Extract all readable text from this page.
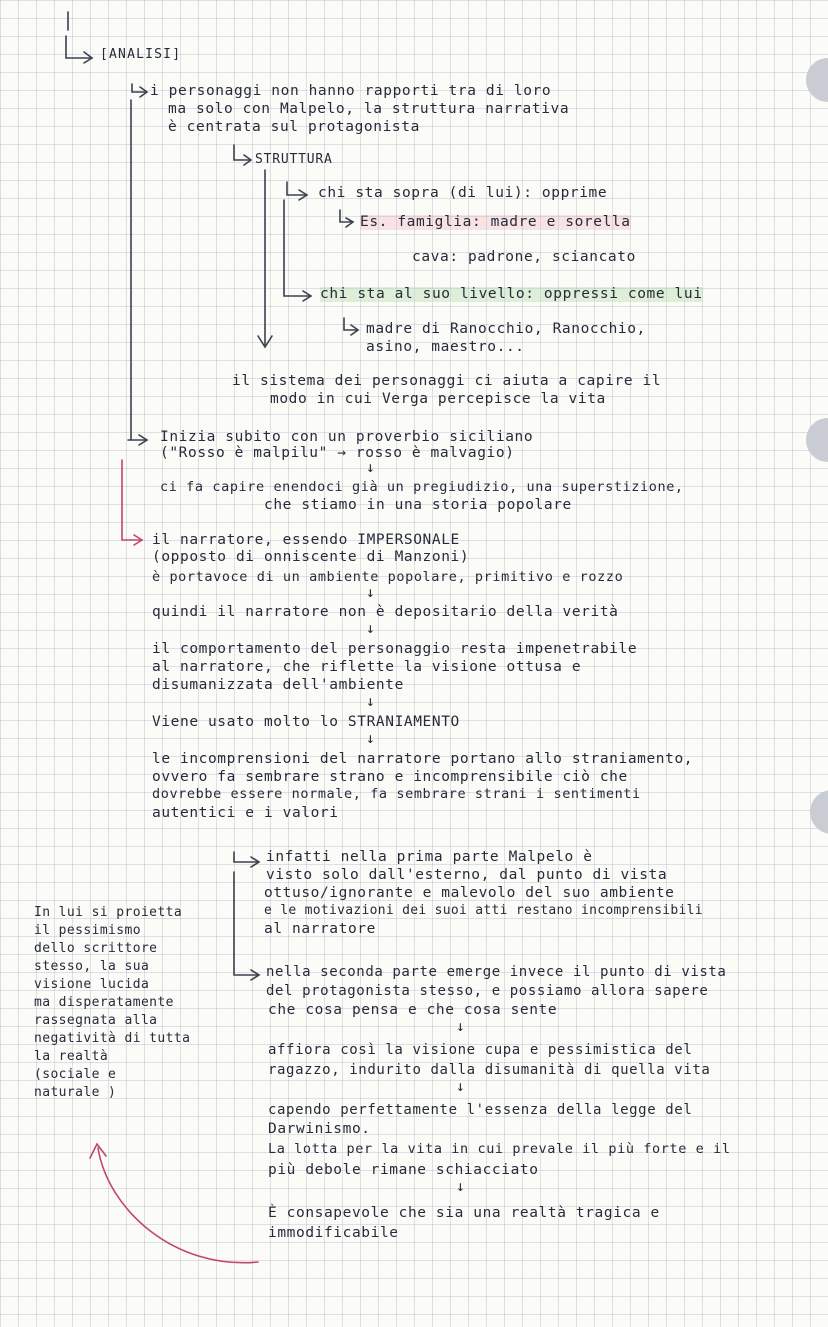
[ANALISI]
i personaggi non hanno rapporti tra di loro
ma solo con Malpelo, la struttura narrativa
è centrata sul protagonista
STRUTTURA
chi sta sopra (di lui): opprime
Es. famiglia: madre e sorella
cava: padrone, sciancato
chi sta al suo livello: oppressi come lui
madre di Ranocchio, Ranocchio,
asino, maestro...
il sistema dei personaggi ci aiuta a capire il
modo in cui Verga percepisce la vita
Inizia subito con un proverbio siciliano
("Rosso è malpilu" → rosso è malvagio)
↓
ci fa capire enendoci già un pregiudizio, una superstizione,
che stiamo in una storia popolare
il narratore, essendo IMPERSONALE
(opposto di onniscente di Manzoni)
è portavoce di un ambiente popolare, primitivo e rozzo
↓
quindi il narratore non è depositario della verità
↓
il comportamento del personaggio resta impenetrabile
al narratore, che riflette la visione ottusa e
disumanizzata dell'ambiente
↓
Viene usato molto lo STRANIAMENTO
↓
le incomprensioni del narratore portano allo straniamento,
ovvero fa sembrare strano e incomprensibile ciò che
dovrebbe essere normale, fa sembrare strani i sentimenti
autentici e i valori
infatti nella prima parte Malpelo è
visto solo dall'esterno, dal punto di vista
ottuso/ignorante e malevolo del suo ambiente
e le motivazioni dei suoi atti restano incomprensibili
al narratore
nella seconda parte emerge invece il punto di vista
del protagonista stesso, e possiamo allora sapere
che cosa pensa e che cosa sente
↓
affiora così la visione cupa e pessimistica del
ragazzo, indurito dalla disumanità di quella vita
↓
capendo perfettamente l'essenza della legge del
Darwinismo.
La lotta per la vita in cui prevale il più forte e il
più debole rimane schiacciato
↓
È consapevole che sia una realtà tragica e
immodificabile
In lui si proietta
il pessimismo
dello scrittore
stesso, la sua
visione lucida
ma disperatamente
rassegnata alla
negatività di tutta
la realtà
(sociale e
naturale )
